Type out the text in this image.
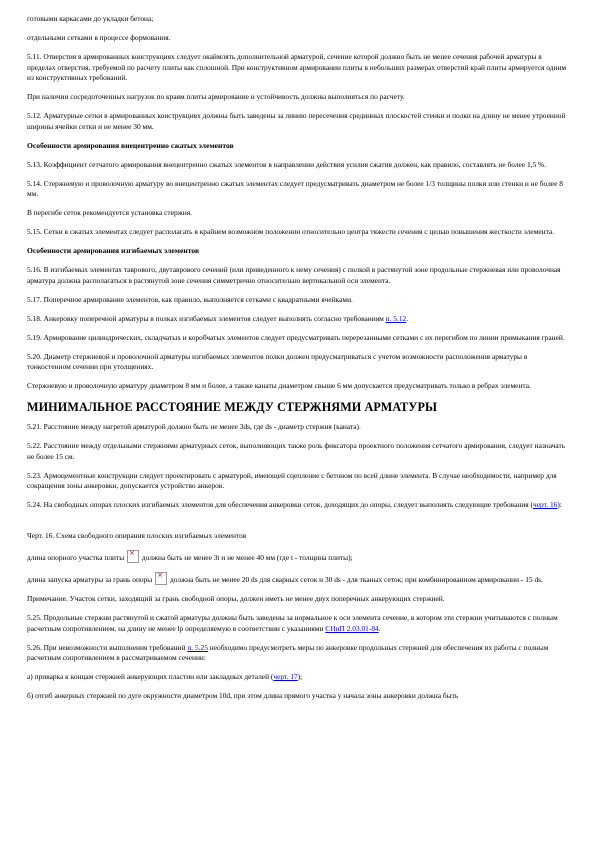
готовыми каркасами до укладки бетона;

отдельными сетками в процессе формования.

5.11. Отверстия в армированных конструкциях следует окаймлять дополнительной арматурой, сечение которой должно быть не менее сечения рабочей арматуры в пределах отверстия, требуемой по расчету плиты как сплошной. При конструктивном армировании плиты в небольших размерах отверстий край плиты армируется одним из конструктивных требований.

При наличии сосредоточенных нагрузок по краям плиты армирование и устойчивость должны выполняться по расчету.

5.12. Арматурные сетки в армированных конструкциях должны быть заведены за линию пересечения срединных плоскостей стенки и полки на длину не менее утроенной ширины ячейки сетки и не менее 30 мм.

Особенности армирования внецентренно сжатых элементов

5.13. Коэффициент сетчатого армирования внецентренно сжатых элементов в направлении действия усилия сжатия должен, как правило, составлять не более 1,5 %.

5.14. Стержневую и проволочную арматуру во внецентренно сжатых элементах следует предусматривать диаметром не более 1/3 толщины полки или стенки и не более 8 мм.

В перегибе сеток рекомендуется установка стержня.

5.15. Сетки в сжатых элементах следует располагать в крайнем возможном положении относительно центра тяжести сечения с целью повышения жесткости элемента.

Особенности армирования изгибаемых элементов

5.16. В изгибаемых элементах таврового, двутаврового сечений (или приведенного к нему сечения) с полкой в растянутой зоне продольные стержневая или проволочная арматура должна располагаться в растянутой зоне сечения симметрично относительно вертикальной оси элемента.

5.17. Поперечное армирование элементов, как правило, выполняется сетками с квадратными ячейками.

5.18. Анкеровку поперечной арматуры в полках изгибаемых элементов следует выполнять согласно требованиям п. 5.12.

5.19. Армирование цилиндрических, складчатых и коробчатых элементов следует предусматривать перерезанными сетками с их перегибом по линии примыкания граней.

5.20. Диаметр стержневой и проволочной арматуры изгибаемых элементов полки должен предусматриваться с учетом возможности расположения арматуры в тонкостенном сечении при утолщениях.

Стержневую и проволочную арматуру диаметром 8 мм и более, а также канаты диаметром свыше 6 мм допускается предусматривать только в ребрах элемента.

МИНИМАЛЬНОЕ РАССТОЯНИЕ МЕЖДУ СТЕРЖНЯМИ АРМАТУРЫ

5.21. Расстояние между нагретой арматурой должно быть не менее 3ds, где ds - диаметр стержня (каната).

5.22. Расстояние между отдельными стержнями арматурных сеток, выполняющих также роль фиксатора проектного положения сетчатого армирования, следует назначать не более 15 см.

5.23. Армоцементные конструкции следует проектировать с арматурой, имеющей сцепление с бетоном по всей длине элемента. В случае необходимости, например для сокращения зоны анкеровки, допускается устройство анкеров.

5.24. На свободных опорах плоских изгибаемых элементов для обеспечения анкеровки сеток, доходящих до опоры, следует выполнять следующие требования (черт. 16):

Черт. 16. Схема свободного опирания плоских изгибаемых элементов

длина опорного участка плиты × должна быть не менее 3t и не менее 40 мм (где t - толщина плиты);

длина запуска арматуры за грань опоры × должна быть не менее 20 ds для сварных сеток и 30 ds - для тканых сеток; при комбинированном армировании - 15 ds.

Примечание. Участок сетки, заходящий за грань свободной опоры, должен иметь не менее двух поперечных анкерующих стержней.

5.25. Продольные стержни растянутой и сжатой арматуры должны быть заведены за нормальное к оси элемента сечение, в котором эти стержни учитываются с полным расчетным сопротивлением, на длину не менее lp определяемую в соответствии с указаниями СНиП 2.03.01-84.

5.26. При невозможности выполнения требований п. 5.25 необходимо предусмотреть меры по анкеровке продольных стержней для обеспечения их работы с полным расчетным сопротивлением в рассматриваемом сечении:

а) приварка к концам стержней анкерующих пластин или закладных деталей (черт. 17);

б) отгиб анкерных стержней по дуге окружности диаметром 10d, при этом длина прямого участка у начала зоны анкеровки должна быть
